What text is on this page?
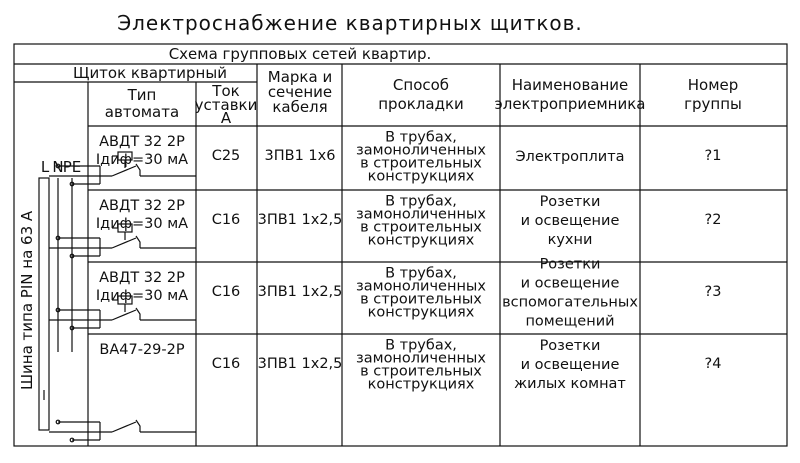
Электроснабжение квартирных щитков.
Схема групповых сетей квартир.
Щиток квартирный
Тип
автомата
Ток
уставки
А
Марка и
сечение
кабеля
Способ
прокладки
Наименование
электроприемника
Номер
группы
Шина типа PIN на 63 А
L N PE
АВДТ 32 2Р
Iдиф=30 мА C25 3ПВ1 1х6
В трубах,
замоноличенных
в строительных
конструкциях
Электроплита	?1
АВДТ 32 2Р
Iдиф=30 мА C16 3ПВ1 1х2,5
В трубах,
замоноличенных
в строительных
конструкциях
Розетки
и освещение
кухни
?2
АВДТ 32 2Р
Iдиф=30 мА C16 3ПВ1 1х2,5
В трубах,
замоноличенных
в строительных
конструкциях
Розетки
и освещение
вспомогательных
помещений
?3
ВА47-29-2Р
C16 3ПВ1 1х2,5
В трубах,
замоноличенных
в строительных
конструкциях
Розетки
и освещение
жилых комнат
?4
